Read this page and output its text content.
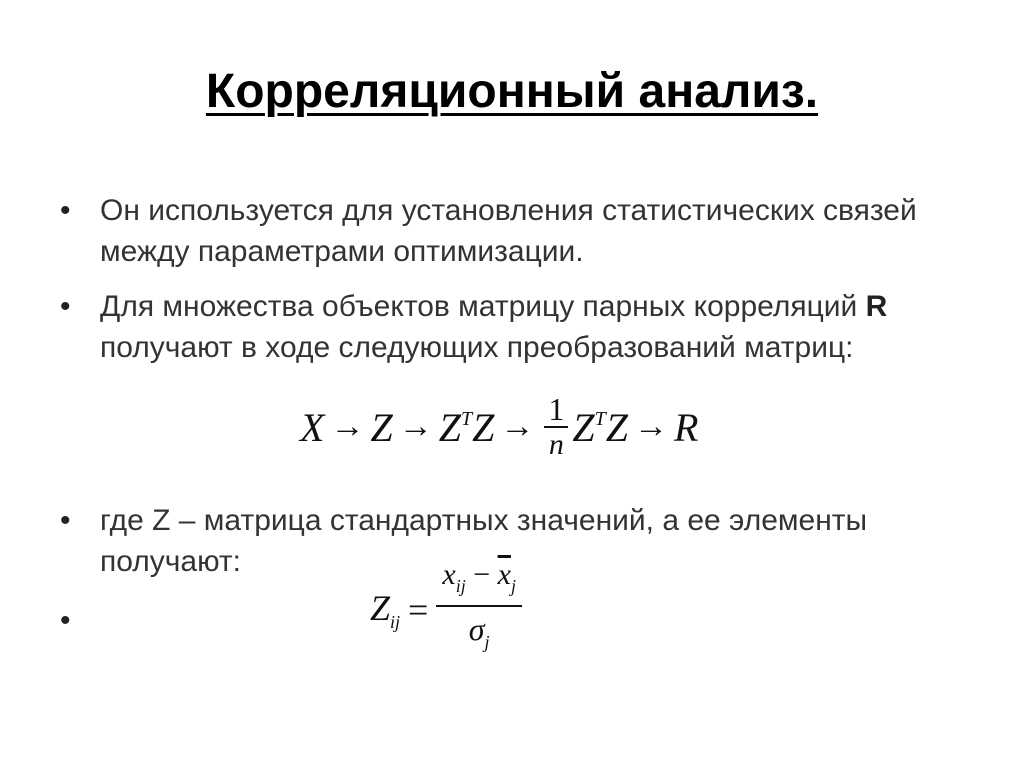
Корреляционный анализ.
• Он используется для установления статистических связей между параметрами оптимизации.
• Для множества объектов матрицу парных корреляций R получают в ходе следующих преобразований матриц:
$X \to Z \to Z^TZ \to \frac{1}{n} Z^TZ \to R$
• где Z – матрица стандартных значений, а ее элементы получают:
$Z_{ij} = \frac{x_{ij} - \overline{x}_j}{\sigma_j}$
•
